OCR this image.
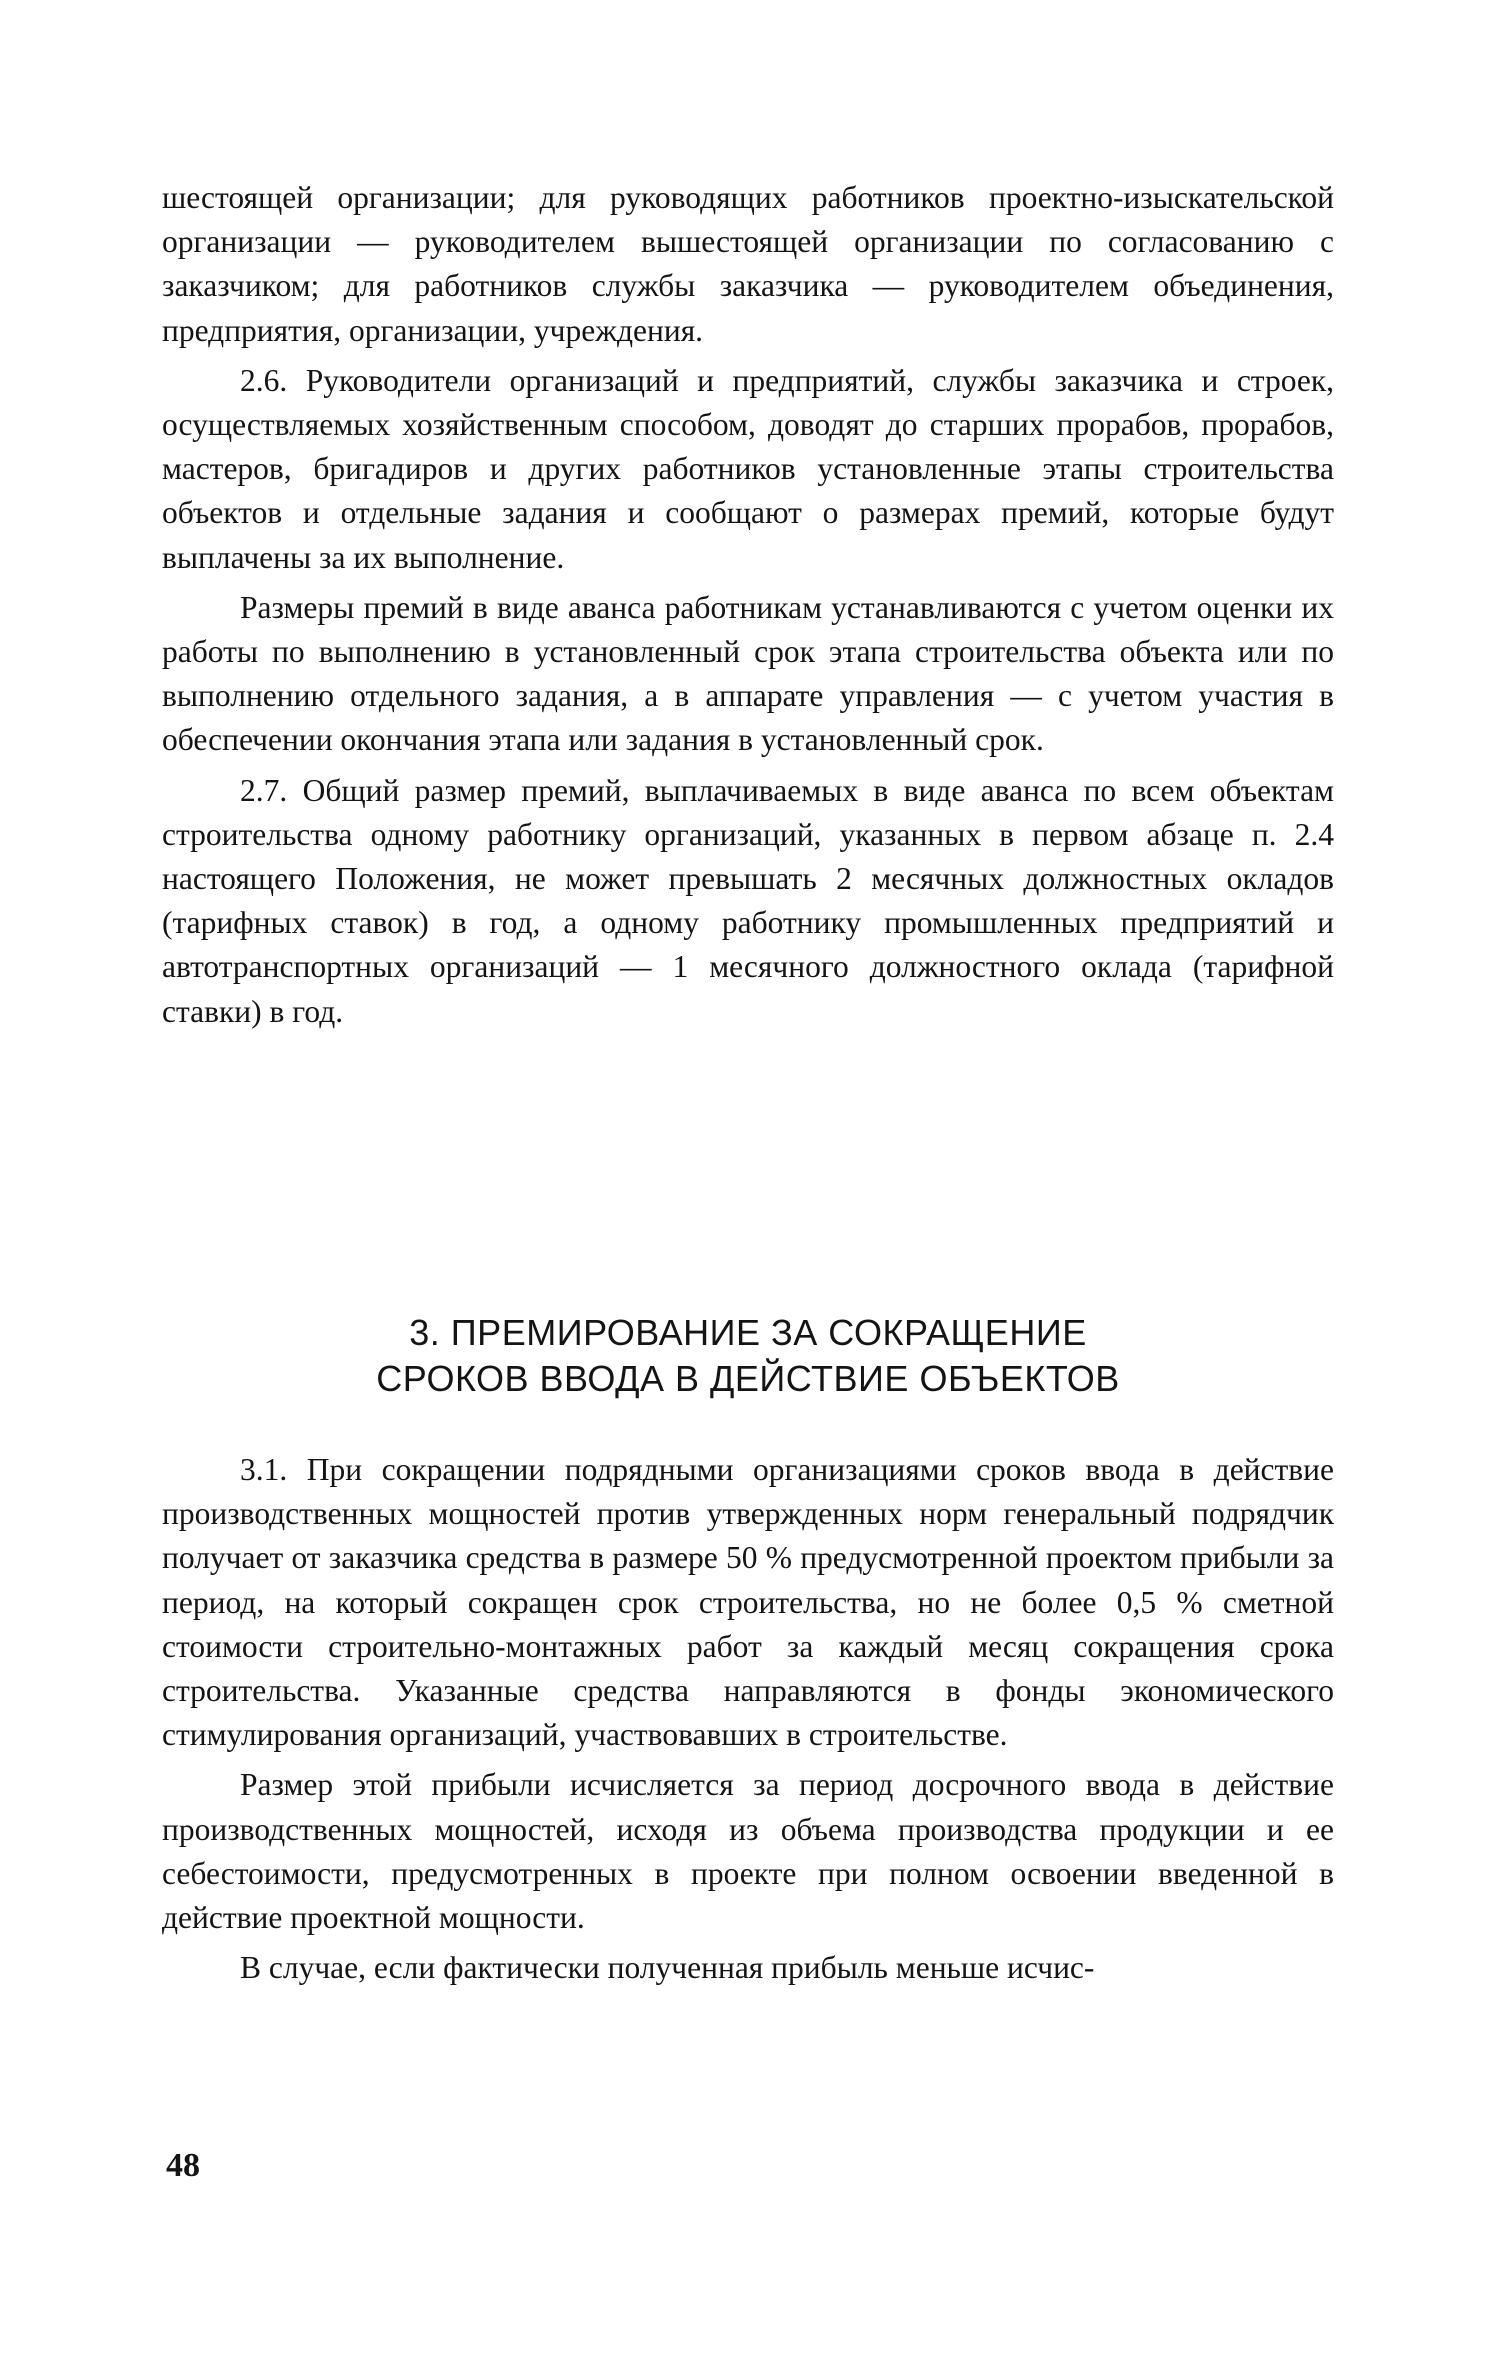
шестоящей организации; для руководящих работников проектно-изыскательской организации — руководителем вышестоящей организации по согласованию с заказчиком; для работников службы заказчика — руководителем объединения, предприятия, организации, учреждения.

2.6. Руководители организаций и предприятий, службы заказчика и строек, осуществляемых хозяйственным способом, доводят до старших прорабов, прорабов, мастеров, бригадиров и других работников установленные этапы строительства объектов и отдельные задания и сообщают о размерах премий, которые будут выплачены за их выполнение.

Размеры премий в виде аванса работникам устанавливаются с учетом оценки их работы по выполнению в установленный срок этапа строительства объекта или по выполнению отдельного задания, а в аппарате управления — с учетом участия в обеспечении окончания этапа или задания в установленный срок.

2.7. Общий размер премий, выплачиваемых в виде аванса по всем объектам строительства одному работнику организаций, указанных в первом абзаце п. 2.4 настоящего Положения, не может превышать 2 месячных должностных окладов (тарифных ставок) в год, а одному работнику промышленных предприятий и автотранспортных организаций — 1 месячного должностного оклада (тарифной ставки) в год.

3. ПРЕМИРОВАНИЕ ЗА СОКРАЩЕНИЕ
СРОКОВ ВВОДА В ДЕЙСТВИЕ ОБЪЕКТОВ

3.1. При сокращении подрядными организациями сроков ввода в действие производственных мощностей против утвержденных норм генеральный подрядчик получает от заказчика средства в размере 50 % предусмотренной проектом прибыли за период, на который сокращен срок строительства, но не более 0,5 % сметной стоимости строительно-монтажных работ за каждый месяц сокращения срока строительства. Указанные средства направляются в фонды экономического стимулирования организаций, участвовавших в строительстве.

Размер этой прибыли исчисляется за период досрочного ввода в действие производственных мощностей, исходя из объема производства продукции и ее себестоимости, предусмотренных в проекте при полном освоении введенной в действие проектной мощности.

В случае, если фактически полученная прибыль меньше исчис-

48
